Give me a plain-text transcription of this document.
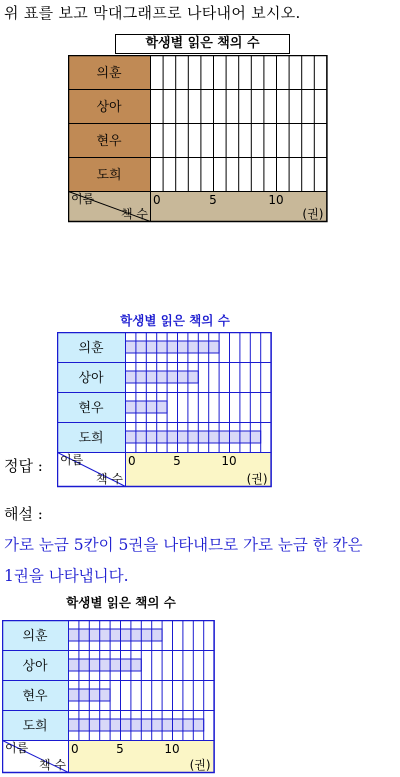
위 표를 보고 막대그래프로 나타내어 보시오.
학생별 읽은 책의 수
의훈
상아
현우
도희
이름
책 수
0	5	10
(권)
학생별 읽은 책의 수
정답 :
의훈
상아
현우
도희
이름
책 수
0	5	10
(권)
해설 :
가로 눈금 5칸이 5권을 나타내므로 가로 눈금 한 칸은
1권을 나타냅니다.
학생별 읽은 책의 수
의훈
상아
현우
도희
이름
책 수
0	5	10
(권)
